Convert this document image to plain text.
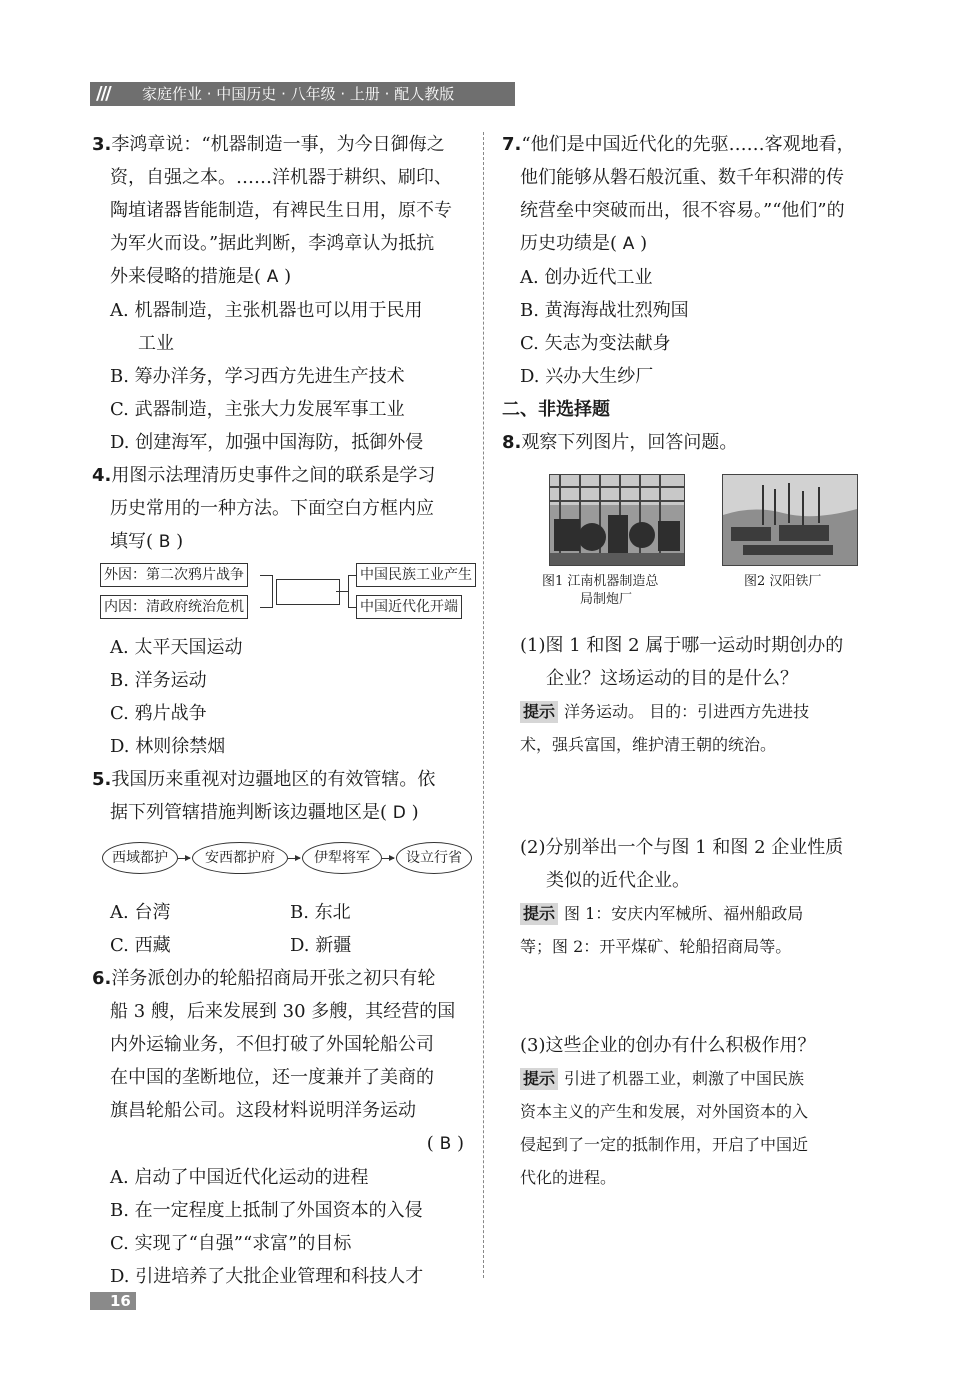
/// 家庭作业 · 中国历史 · 八年级 · 上册 · 配人教版
3.李鸿章说：“机器制造一事，为今日御侮之
资，自强之本。……洋机器于耕织、刷印、
陶埴诸器皆能制造，有裨民生日用，原不专
为军火而设。”据此判断，李鸿章认为抵抗
外来侵略的措施是( A )
A. 机器制造，主张机器也可以用于民用
工业
B. 筹办洋务，学习西方先进生产技术
C. 武器制造，主张大力发展军事工业
D. 创建海军，加强中国海防，抵御外侵
4.用图示法理清历史事件之间的联系是学习
历史常用的一种方法。下面空白方框内应
填写( B )
外因：第二次鸦片战争
内因：清政府统治危机
中国民族工业产生
中国近代化开端
A. 太平天国运动
B. 洋务运动
C. 鸦片战争
D. 林则徐禁烟
5.我国历来重视对边疆地区的有效管辖。依
据下列管辖措施判断该边疆地区是( D )
西域都护	安西都护府	伊犁将军	设立行省
A. 台湾	B. 东北
C. 西藏	D. 新疆
6.洋务派创办的轮船招商局开张之初只有轮
船 3 艘，后来发展到 30 多艘，其经营的国
内外运输业务，不但打破了外国轮船公司
在中国的垄断地位，还一度兼并了美商的
旗昌轮船公司。这段材料说明洋务运动
( B )
A. 启动了中国近代化运动的进程
B. 在一定程度上抵制了外国资本的入侵
C. 实现了“自强”“求富”的目标
D. 引进培养了大批企业管理和科技人才
7.“他们是中国近代化的先驱……客观地看，
他们能够从磐石般沉重、数千年积滞的传
统营垒中突破而出，很不容易。”“他们”的
历史功绩是( A )
A. 创办近代工业
B. 黄海海战壮烈殉国
C. 矢志为变法献身
D. 兴办大生纱厂
二、非选择题
8.观察下列图片，回答问题。
图1 江南机器制造总
局制炮厂
图2 汉阳铁厂
(1)图 1 和图 2 属于哪一运动时期创办的
企业？这场运动的目的是什么？
提示 洋务运动。 目的：引进西方先进技
术，强兵富国，维护清王朝的统治。
(2)分别举出一个与图 1 和图 2 企业性质
类似的近代企业。
提示 图 1：安庆内军械所、福州船政局
等；图 2：开平煤矿、轮船招商局等。
(3)这些企业的创办有什么积极作用？
提示 引进了机器工业，刺激了中国民族
资本主义的产生和发展，对外国资本的入
侵起到了一定的抵制作用，开启了中国近
代化的进程。
16
